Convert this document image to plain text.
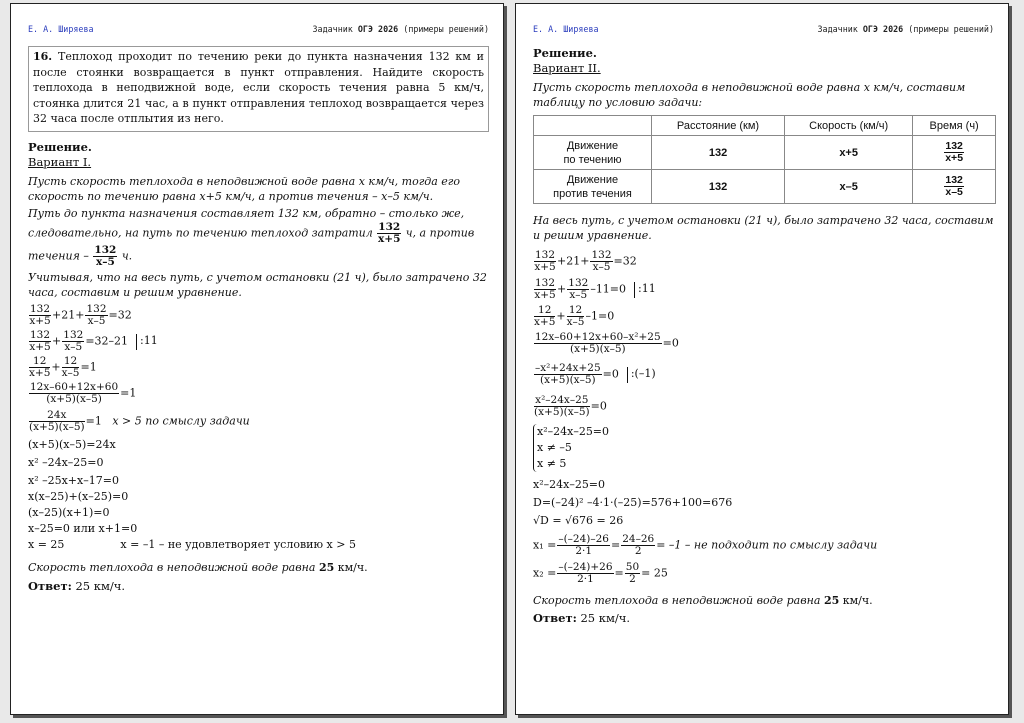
Е. А. Ширяева	Задачник ОГЭ 2026 (примеры решений)
16. Теплоход проходит по течению реки до пункта назначения 132 км и после стоянки возвращается в пункт отправления. Найдите скорость теплохода в неподвижной воде, если скорость течения равна 5 км/ч, стоянка длится 21 час, а в пункт отправления теплоход возвращается через 32 часа после отплытия из него.
Решение.
Вариант I.
Пусть скорость теплохода в неподвижной воде равна x км/ч, тогда его скорость по течению равна x+5 км/ч, а против течения – x–5 км/ч.
Путь до пункта назначения составляет 132 км, обратно – столько же, следовательно, на путь по течению теплоход затратил $\frac{132}{x+5} ч$, а против течения – $\frac{132}{x-5} ч$.
Учитывая, что на весь путь, с учетом остановки (21 ч), было затрачено 32 часа, составим и решим уравнение.
$\frac{132}{x+5} +21+ \frac{132}{x-5} =32$
$\frac{132}{x+5} + \frac{132}{x-5} =32-21$ :11
$\frac{12}{x+5} + \frac{12}{x-5} =1$
$\frac{12x-60+12x+60}{(x+5)(x-5)} =1$
$\frac{24x}{(x+5)(x-5)} =1$ x > 5 по смыслу задачи
(x+5)(x–5)=24x
x² –24x–25=0
x² –25x+x–17=0
x(x–25)+(x–25)=0
(x–25)(x+1)=0
x–25=0 или x+1=0
x = 25	x = –1 – не удовлетворяет условию x > 5
Скорость теплохода в неподвижной воде равна 25 км/ч.
Ответ: 25 км/ч.
Е. А. Ширяева	Задачник ОГЭ 2026 (примеры решений)
Решение.
Вариант II.
Пусть скорость теплохода в неподвижной воде равна x км/ч, составим таблицу по условию задачи:
	Расстояние (км)	Скорость (км/ч)	Время (ч)
Движение
по течению	132	x+5	$\frac{132}{x+5}$

Движение
против течения	132	x–5	$\frac{132}{x-5}$
На весь путь, с учетом остановки (21 ч), было затрачено 32 часа, составим и решим уравнение.
$\frac{132}{x+5} +21+ \frac{132}{x-5} =32$
$\frac{132}{x+5} + \frac{132}{x-5} -11=0$ :11
$\frac{12}{x+5} + \frac{12}{x-5} -1=0$
$\frac{\text{12x–60+12x+60–x²+25}}{(x+5)(x-5)} =0$
$\frac{\text{–x²+24x+25}}{(x+5)(x-5)} =0$ :(–1)
$\frac{\text{x²–24x–25}}{(x+5)(x-5)} =0$
x²–24x–25=0
x ≠ –5
x ≠ 5
x²–24x–25=0
D=(–24)² –4·1·(–25)=576+100=676
√D = √676 = 26
$x_1 = \frac{-(-24)-26}{2\cdot 1} = \frac{24-26}{2} = -1$ – не подходит по смыслу задачи
$x_2 = \frac{-(-24)+26}{2\cdot 1} = \frac{50}{2} = 25$
Скорость теплохода в неподвижной воде равна 25 км/ч.
Ответ: 25 км/ч.
